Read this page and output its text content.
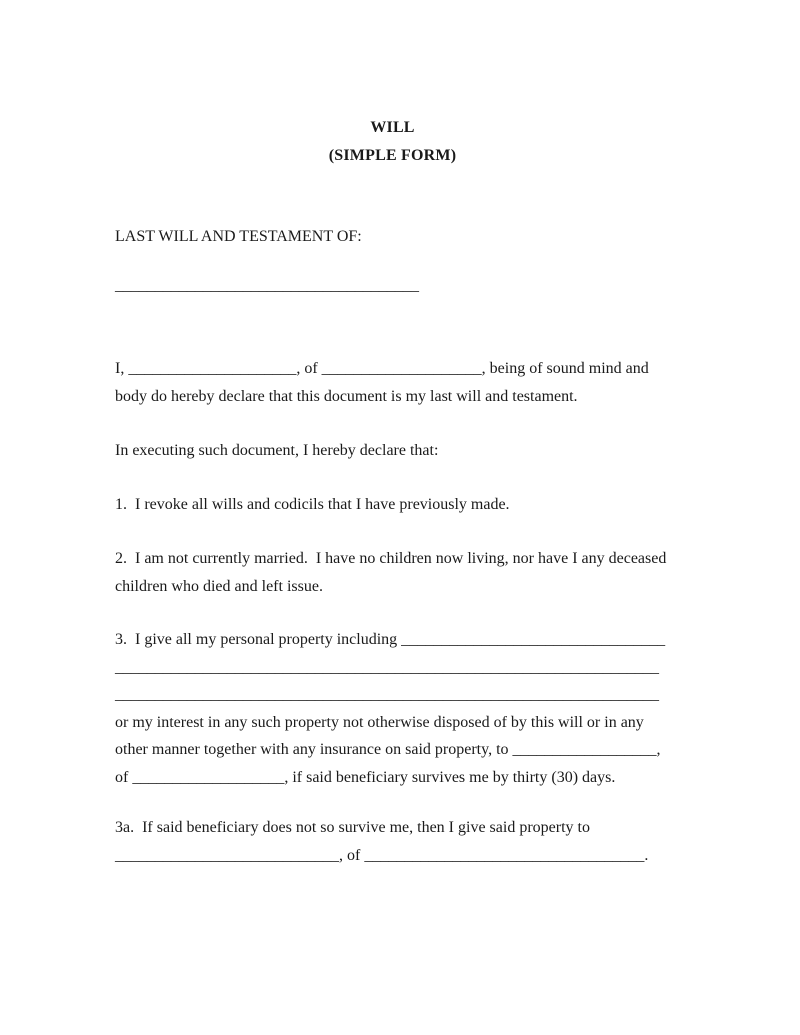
WILL
(SIMPLE FORM)
LAST WILL AND TESTAMENT OF:
______________________________________
I, _____________________, of ____________________, being of sound mind and
body do hereby declare that this document is my last will and testament.
In executing such document, I hereby declare that:
1.  I revoke all wills and codicils that I have previously made.
2.  I am not currently married.  I have no children now living, nor have I any deceased
children who died and left issue.
3.  I give all my personal property including _________________________________
____________________________________________________________________
____________________________________________________________________
or my interest in any such property not otherwise disposed of by this will or in any
other manner together with any insurance on said property, to __________________,
of ___________________, if said beneficiary survives me by thirty (30) days.
3a.  If said beneficiary does not so survive me, then I give said property to
____________________________, of ___________________________________.
